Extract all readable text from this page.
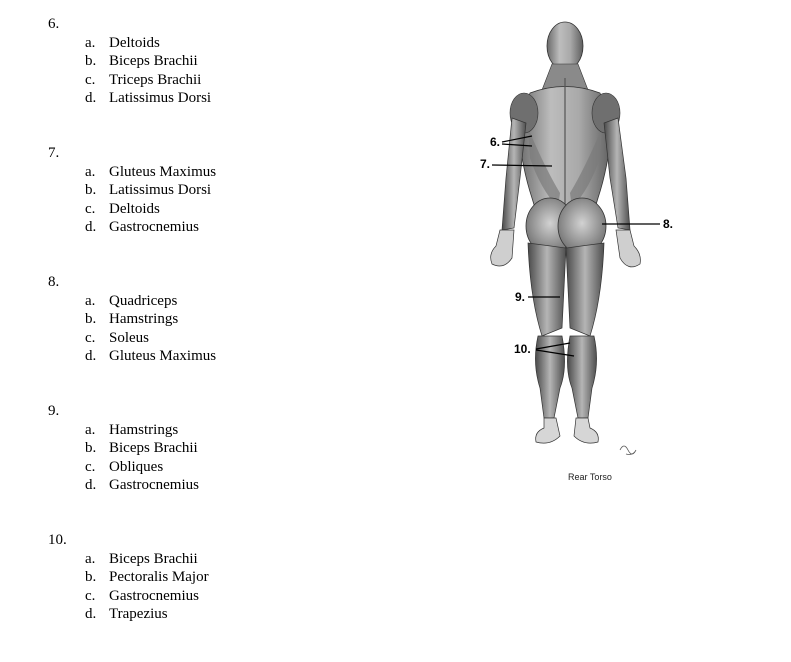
6.
a. Deltoids
b. Biceps Brachii
c. Triceps Brachii
d. Latissimus Dorsi
7.
a. Gluteus Maximus
b. Latissimus Dorsi
c. Deltoids
d. Gastrocnemius
8.
a. Quadriceps
b. Hamstrings
c. Soleus
d. Gluteus Maximus
9.
a. Hamstrings
b. Biceps Brachii
c. Obliques
d. Gastrocnemius
10.
a. Biceps Brachii
b. Pectoralis Major
c. Gastrocnemius
d. Trapezius
6.
7.
8.
9.
10.
Rear Torso
